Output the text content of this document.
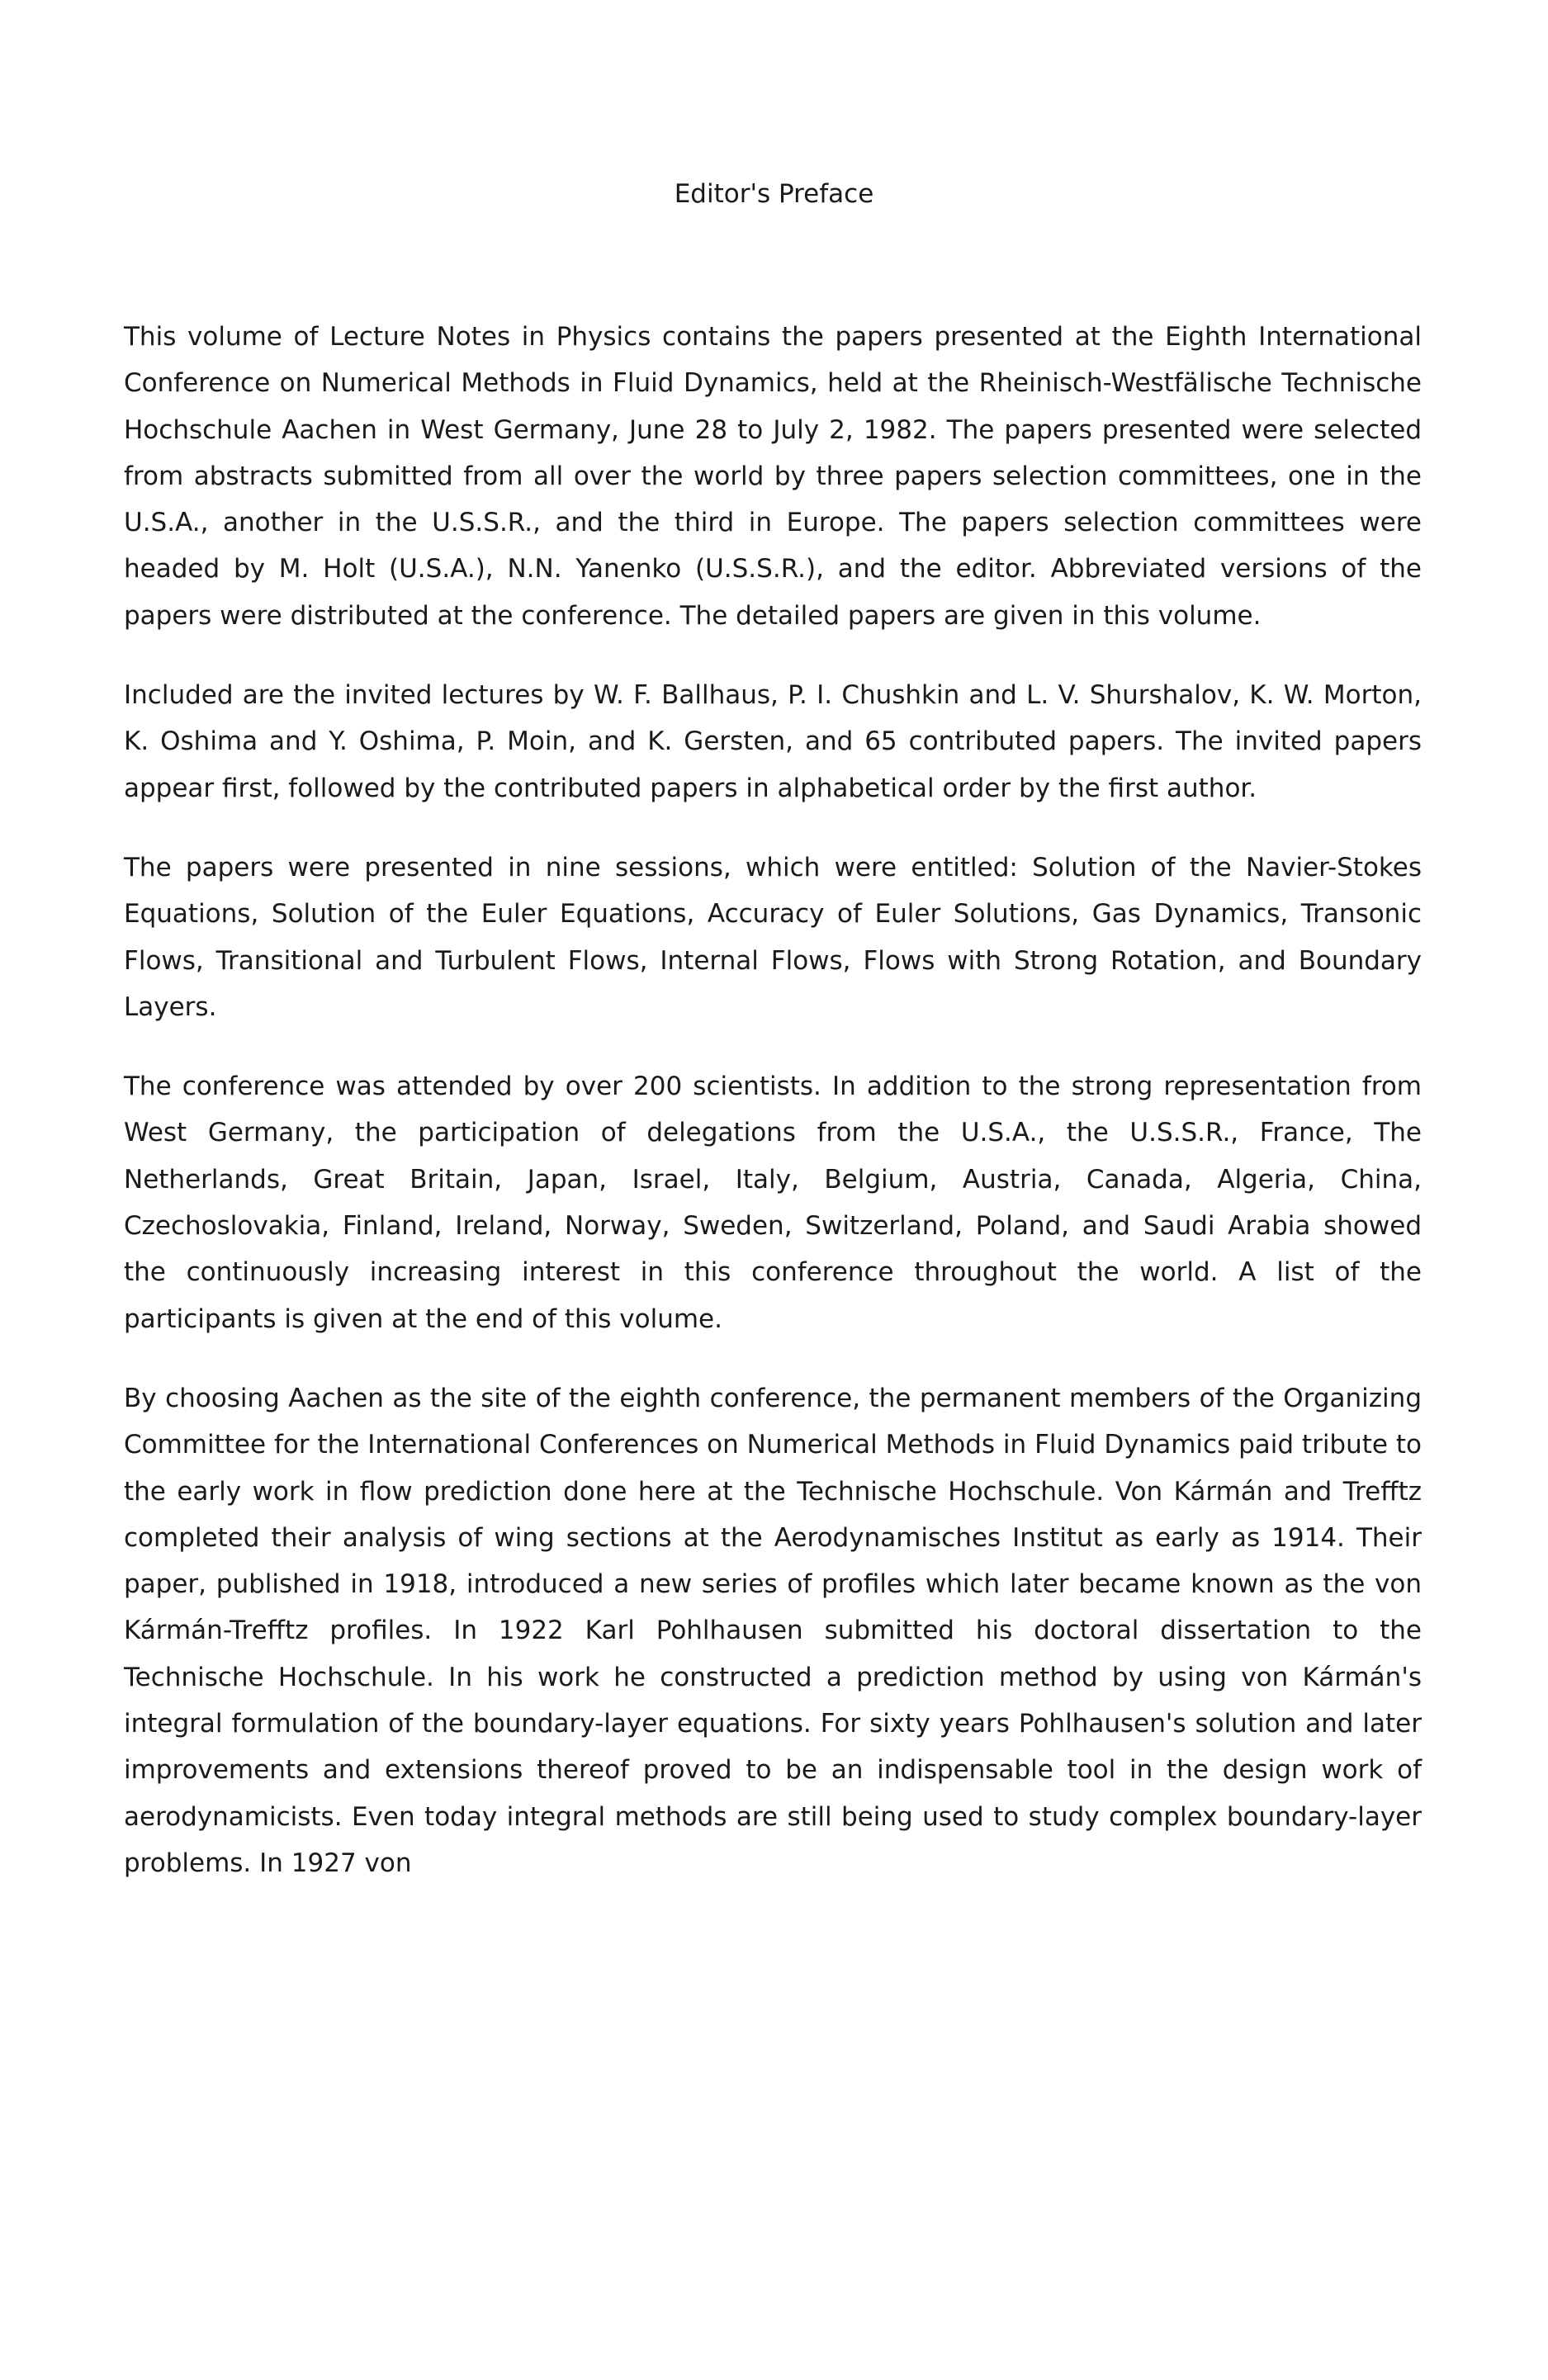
Editor's Preface

This volume of Lecture Notes in Physics contains the papers presented at the Eighth International Conference on Numerical Methods in Fluid Dynamics, held at the Rheinisch-Westfälische Technische Hochschule Aachen in West Germany, June 28 to July 2, 1982. The papers presented were selected from abstracts submitted from all over the world by three papers selection committees, one in the U.S.A., another in the U.S.S.R., and the third in Europe. The papers selection committees were headed by M. Holt (U.S.A.), N.N. Yanenko (U.S.S.R.), and the editor. Abbreviated versions of the papers were distributed at the conference. The detailed papers are given in this volume.

Included are the invited lectures by W. F. Ballhaus, P. I. Chushkin and L. V. Shurshalov, K. W. Morton, K. Oshima and Y. Oshima, P. Moin, and K. Gersten, and 65 contributed papers. The invited papers appear first, followed by the contributed papers in alphabetical order by the first author.

The papers were presented in nine sessions, which were entitled: Solution of the Navier-Stokes Equations, Solution of the Euler Equations, Accuracy of Euler Solutions, Gas Dynamics, Transonic Flows, Transitional and Turbulent Flows, Internal Flows, Flows with Strong Rotation, and Boundary Layers.

The conference was attended by over 200 scientists. In addition to the strong representation from West Germany, the participation of delegations from the U.S.A., the U.S.S.R., France, The Netherlands, Great Britain, Japan, Israel, Italy, Belgium, Austria, Canada, Algeria, China, Czechoslovakia, Finland, Ireland, Norway, Sweden, Switzerland, Poland, and Saudi Arabia showed the continuously increasing interest in this conference throughout the world. A list of the participants is given at the end of this volume.

By choosing Aachen as the site of the eighth conference, the permanent members of the Organizing Committee for the International Conferences on Numerical Methods in Fluid Dynamics paid tribute to the early work in flow prediction done here at the Technische Hochschule. Von Kármán and Trefftz completed their analysis of wing sections at the Aerodynamisches Institut as early as 1914. Their paper, published in 1918, introduced a new series of profiles which later became known as the von Kármán-Trefftz profiles. In 1922 Karl Pohlhausen submitted his doctoral dissertation to the Technische Hochschule. In his work he constructed a prediction method by using von Kármán's integral formulation of the boundary-layer equations. For sixty years Pohlhausen's solution and later improvements and extensions thereof proved to be an indispensable tool in the design work of aerodynamicists. Even today integral methods are still being used to study complex boundary-layer problems. In 1927 von
